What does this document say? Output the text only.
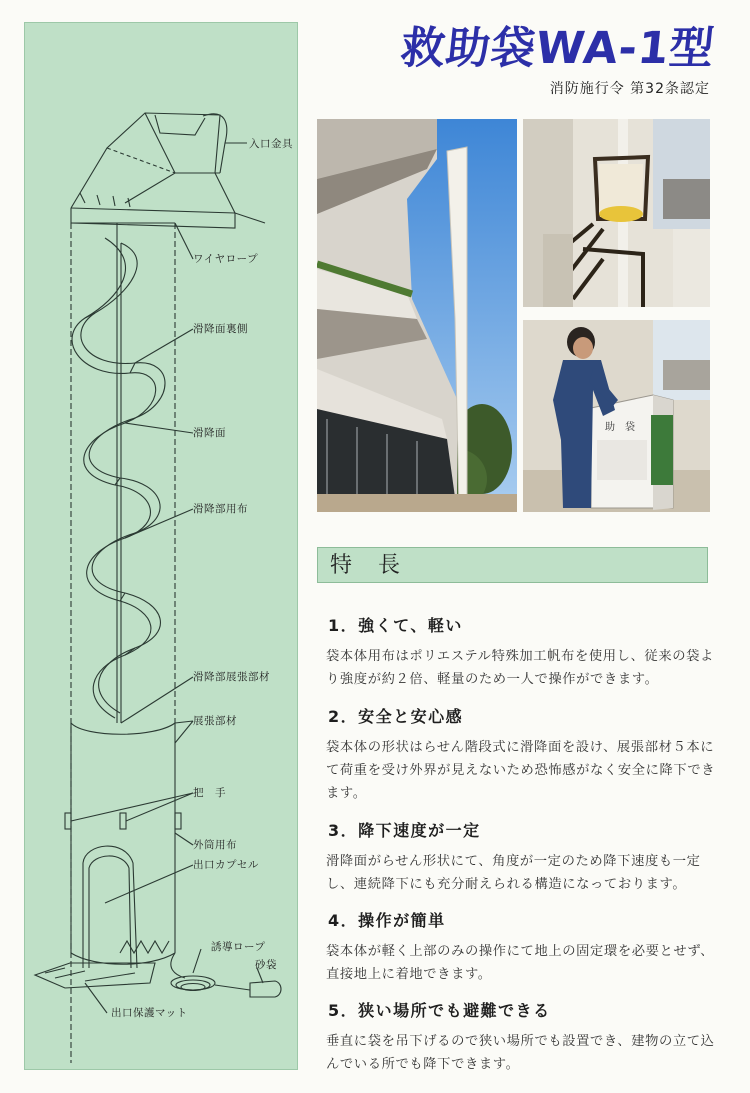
入口金具
ワイヤロープ
滑降面裏側
滑降面
滑降部用布
滑降部展張部材
展張部材
把　手
外筒用布
出口カプセル
誘導ロープ
砂袋
出口保護マット
救助袋WA-1型
消防施行令 第32条認定
助　袋
特長
1．強くて、軽い

袋本体用布はポリエステル特殊加工帆布を使用し、従来の袋より強度が約２倍、軽量のため一人で操作ができます。

2．安全と安心感

袋本体の形状はらせん階段式に滑降面を設け、展張部材５本にて荷重を受け外界が見えないため恐怖感がなく安全に降下できます。

3．降下速度が一定

滑降面がらせん形状にて、角度が一定のため降下速度も一定し、連続降下にも充分耐えられる構造になっております。

4．操作が簡単

袋本体が軽く上部のみの操作にて地上の固定環を必要とせず、直接地上に着地できます。

5．狭い場所でも避難できる

垂直に袋を吊下げるので狭い場所でも設置でき、建物の立て込んでいる所でも降下できます。
